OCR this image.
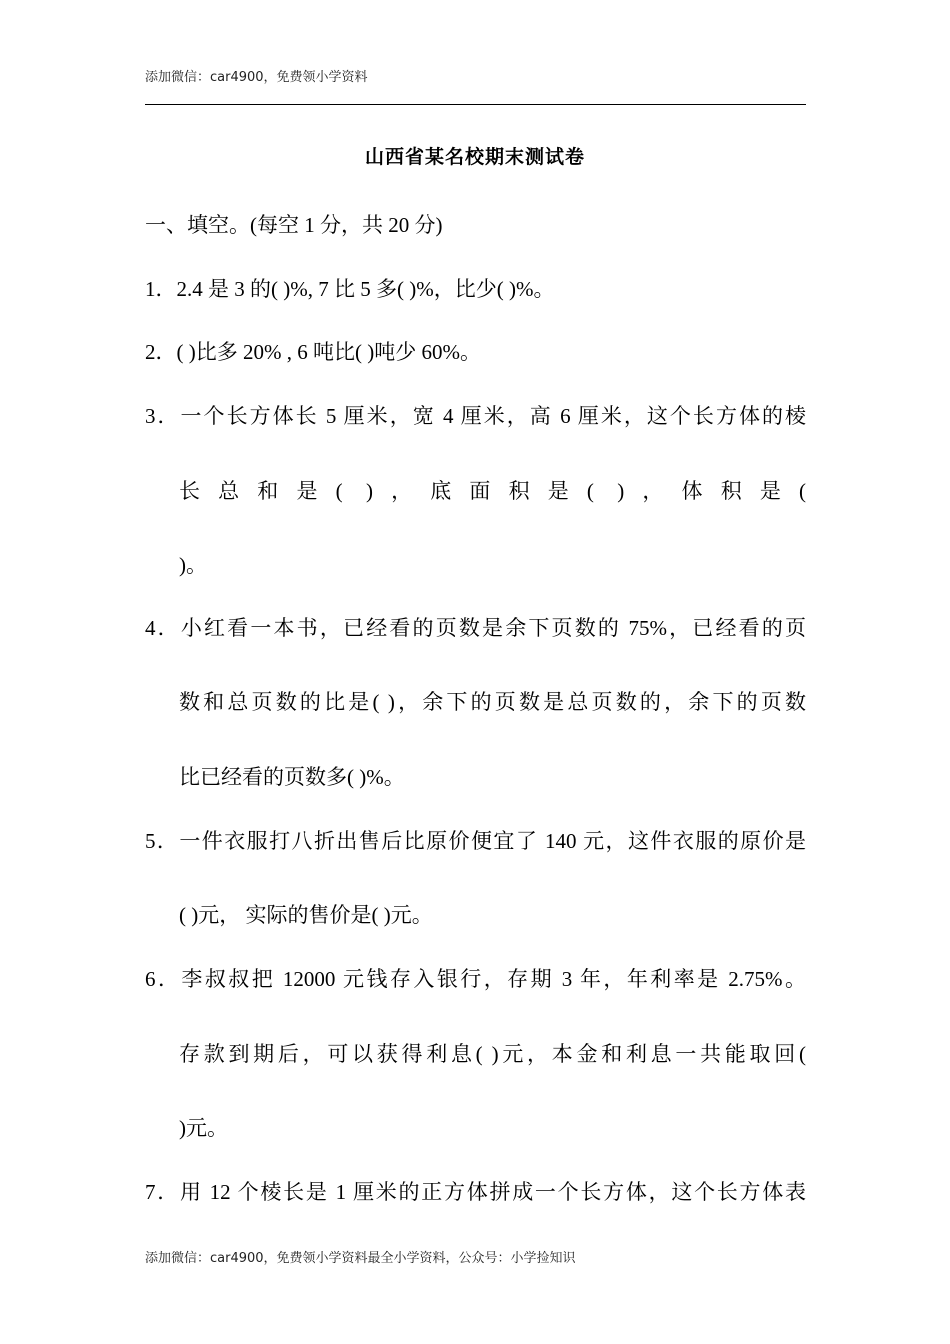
添加微信：car4900，免费领小学资料
山西省某名校期末测试卷
一、填空。(每空 1 分，共 20 分)
1．2.4 是 3 的( )%, 7 比 5 多( )%，比少( )%。
2．( )比多 20% , 6 吨比( )吨少 60%。
3．一个长方体长 5 厘米，宽 4 厘米，高 6 厘米，这个长方体的棱
长总和是( )，底面积是( )，体积是(
)。
4．小红看一本书，已经看的页数是余下页数的 75%，已经看的页
数和总页数的比是( )，余下的页数是总页数的，余下的页数
比已经看的页数多( )%。
5．一件衣服打八折出售后比原价便宜了 140 元，这件衣服的原价是
( )元， 实际的售价是( )元。
6．李叔叔把 12000 元钱存入银行，存期 3 年，年利率是 2.75%。
存款到期后，可以获得利息( )元，本金和利息一共能取回(
)元。
7．用 12 个棱长是 1 厘米的正方体拼成一个长方体，这个长方体表
添加微信：car4900，免费领小学资料最全小学资料，公众号：小学捡知识
